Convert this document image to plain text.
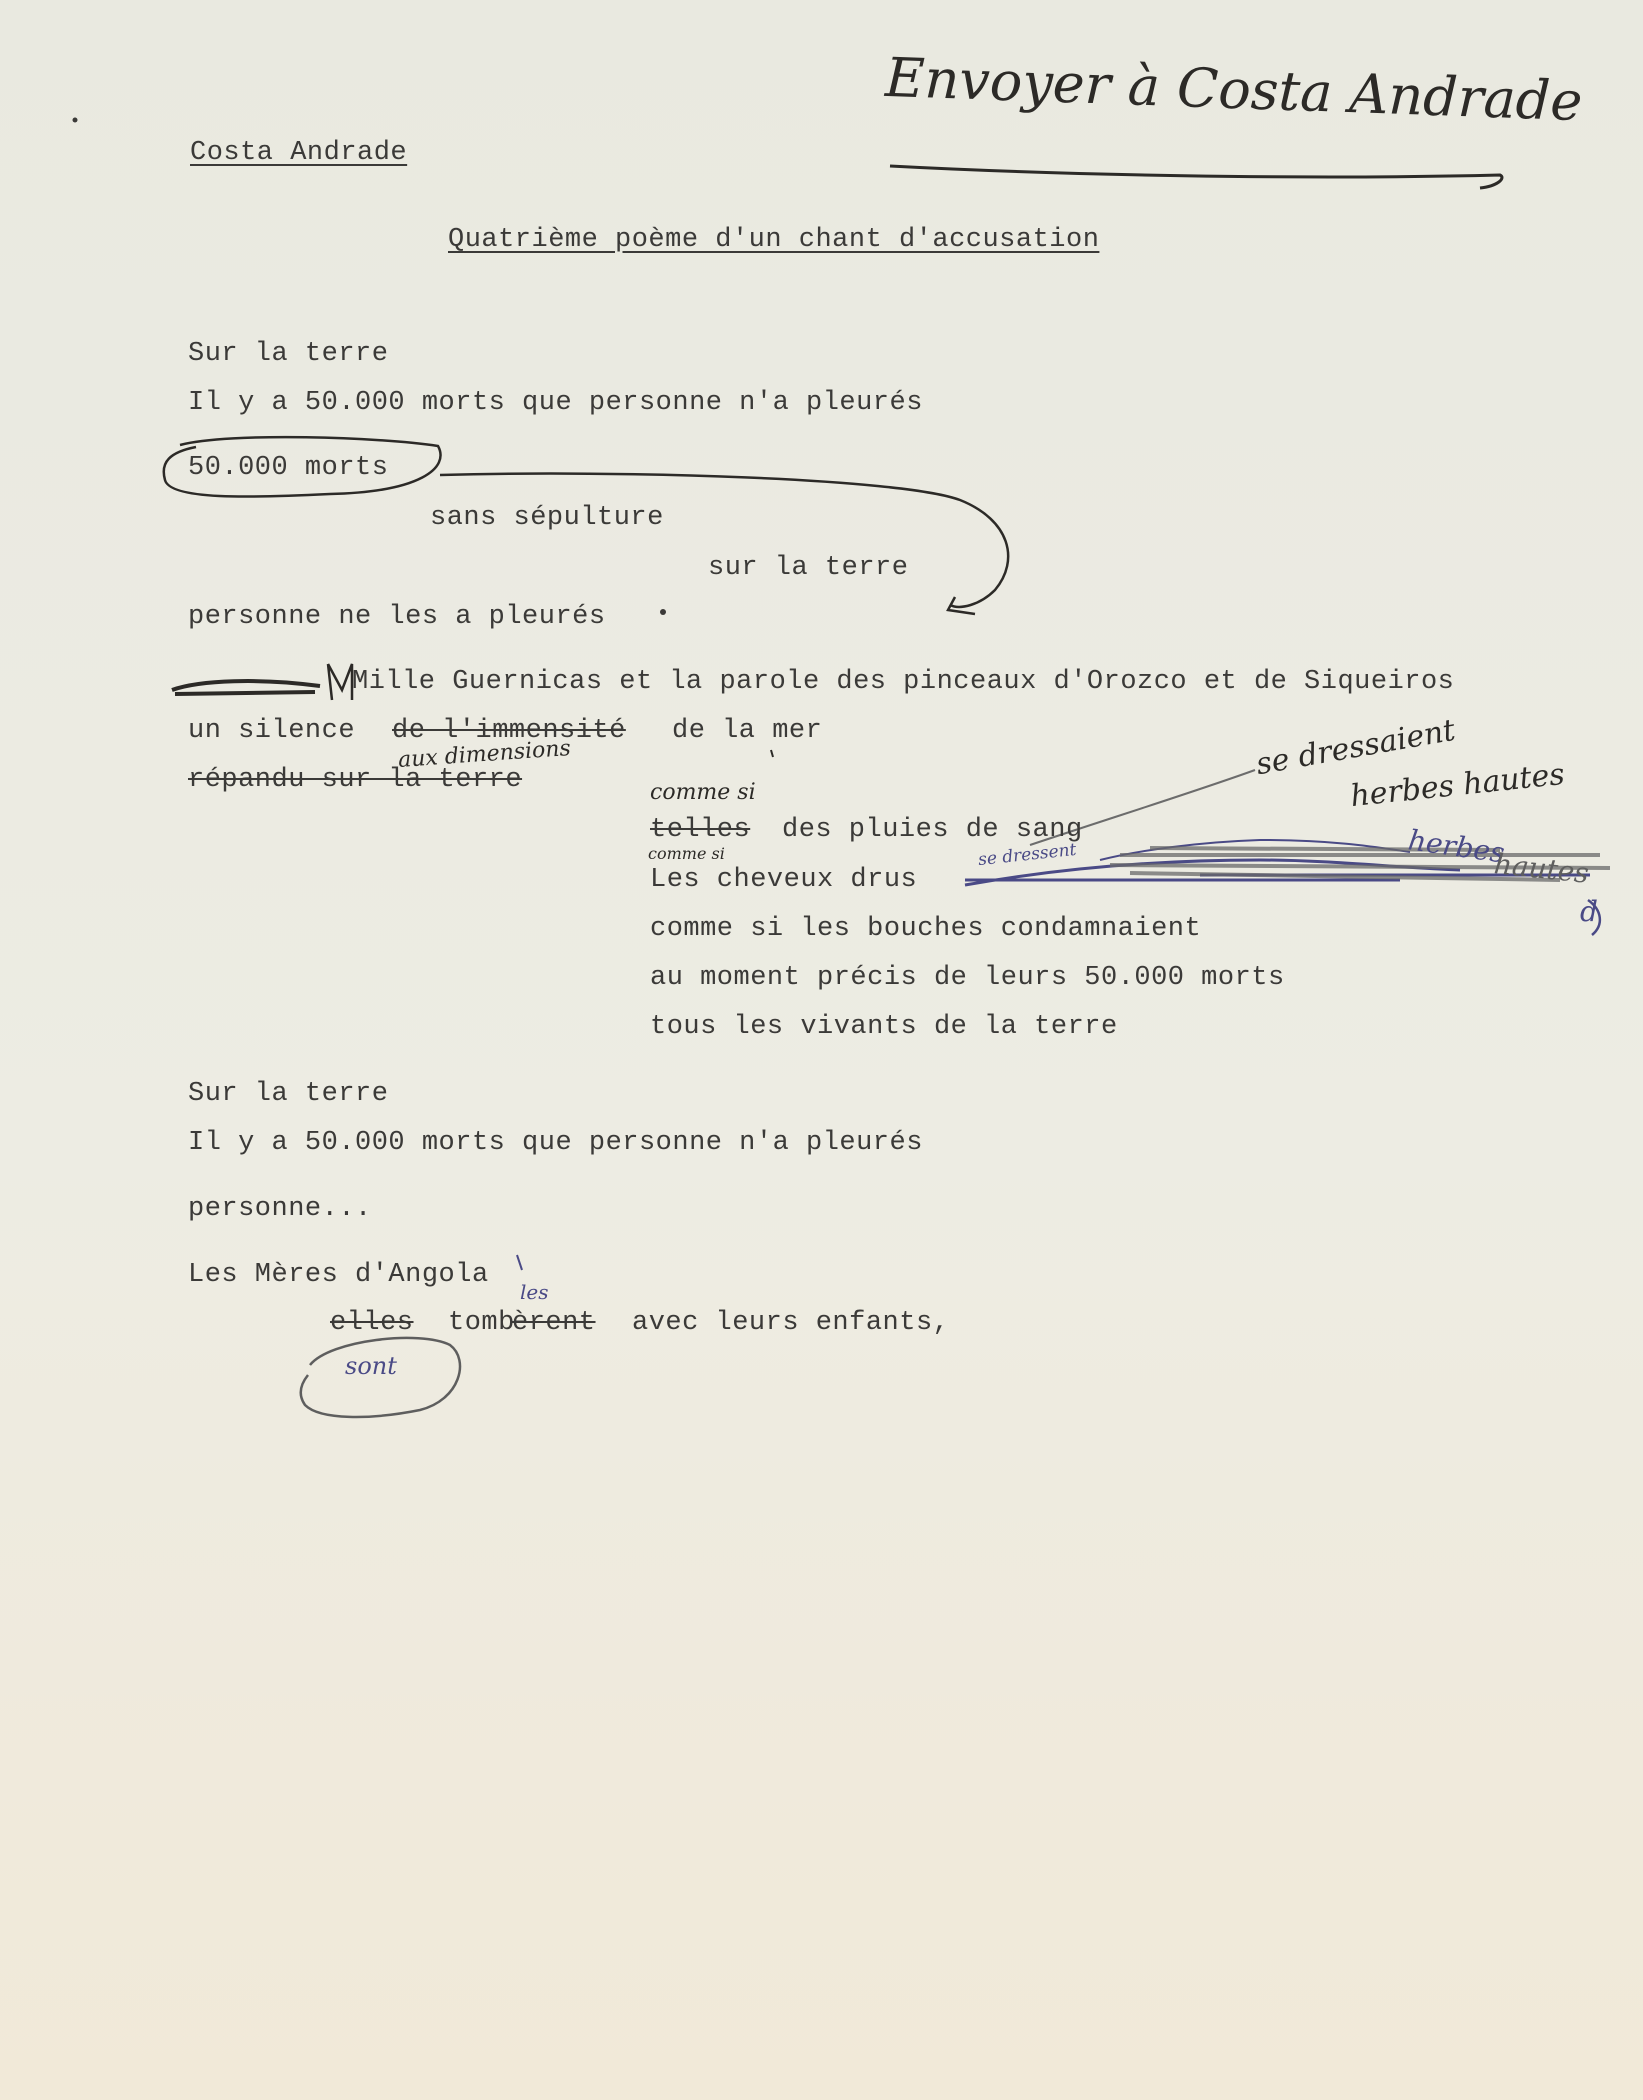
Envoyer à Costa Andrade
Costa Andrade
Quatrième poème d'un chant d'accusation
Sur la terre
Il y a 50.000 morts que personne n'a pleurés
50.000 morts
sans sépulture
sur la terre
personne ne les a pleurés
Mille Guernicas et la parole des pinceaux d'Orozco et de Siqueiros
un silence de l'immensité de la mer
aux dimensions
répandu sur la terre	comme si
se dressaient
herbes hautes
telles des pluies de sang
comme si	se dressent	herbes
hautes
d
Les cheveux drus
comme si les bouches condamnaient
au moment précis de leurs 50.000 morts
tous les vivants de la terre
Sur la terre
Il y a 50.000 morts que personne n'a pleurés
personne...
Les Mères d'Angola
elles tomb
èrent avec leurs enfants,
les
sont
